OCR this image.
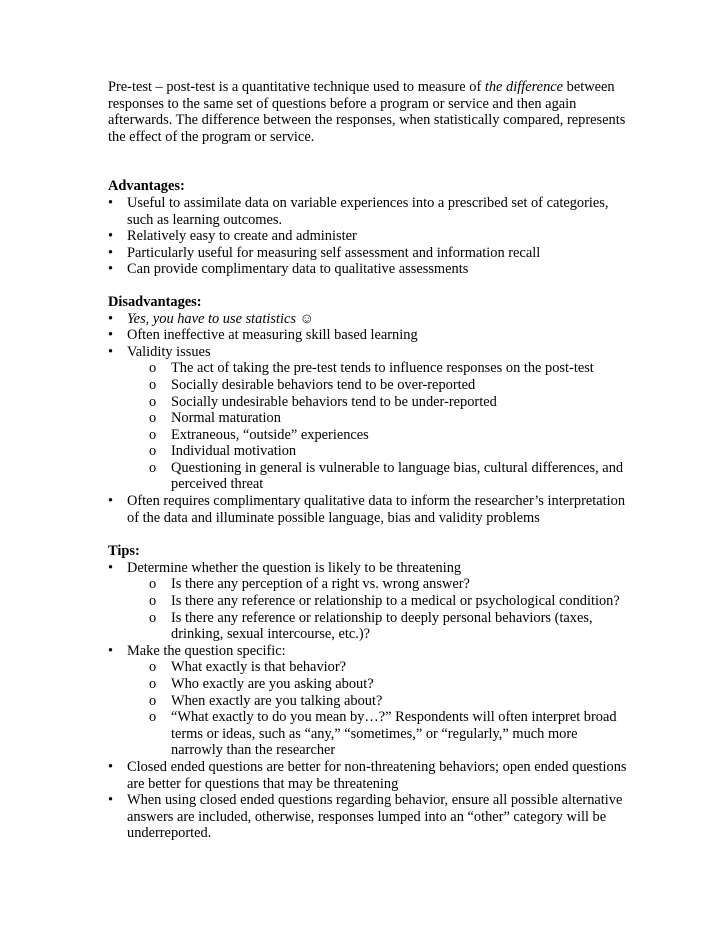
Pre-test – post-test is a quantitative technique used to measure of the difference between responses to the same set of questions before a program or service and then again afterwards. The difference between the responses, when statistically compared, represents the effect of the program or service.

Advantages:

• Useful to assimilate data on variable experiences into a prescribed set of categories, such as learning outcomes.
• Relatively easy to create and administer
• Particularly useful for measuring self assessment and information recall
• Can provide complimentary data to qualitative assessments

Disadvantages:

• Yes, you have to use statistics ☺
• Often ineffective at measuring skill based learning
• Validity issues
o The act of taking the pre-test tends to influence responses on the post-test
o Socially desirable behaviors tend to be over-reported
o Socially undesirable behaviors tend to be under-reported
o Normal maturation
o Extraneous, “outside” experiences
o Individual motivation
o Questioning in general is vulnerable to language bias, cultural differences, and perceived threat
• Often requires complimentary qualitative data to inform the researcher’s interpretation of the data and illuminate possible language, bias and validity problems

Tips:

• Determine whether the question is likely to be threatening
o Is there any perception of a right vs. wrong answer?
o Is there any reference or relationship to a medical or psychological condition?
o Is there any reference or relationship to deeply personal behaviors (taxes, drinking, sexual intercourse, etc.)?
• Make the question specific:
o What exactly is that behavior?
o Who exactly are you asking about?
o When exactly are you talking about?
o “What exactly to do you mean by…?” Respondents will often interpret broad terms or ideas, such as “any,” “sometimes,” or “regularly,” much more narrowly than the researcher
• Closed ended questions are better for non-threatening behaviors; open ended questions are better for questions that may be threatening
• When using closed ended questions regarding behavior, ensure all possible alternative answers are included, otherwise, responses lumped into an “other” category will be underreported.
